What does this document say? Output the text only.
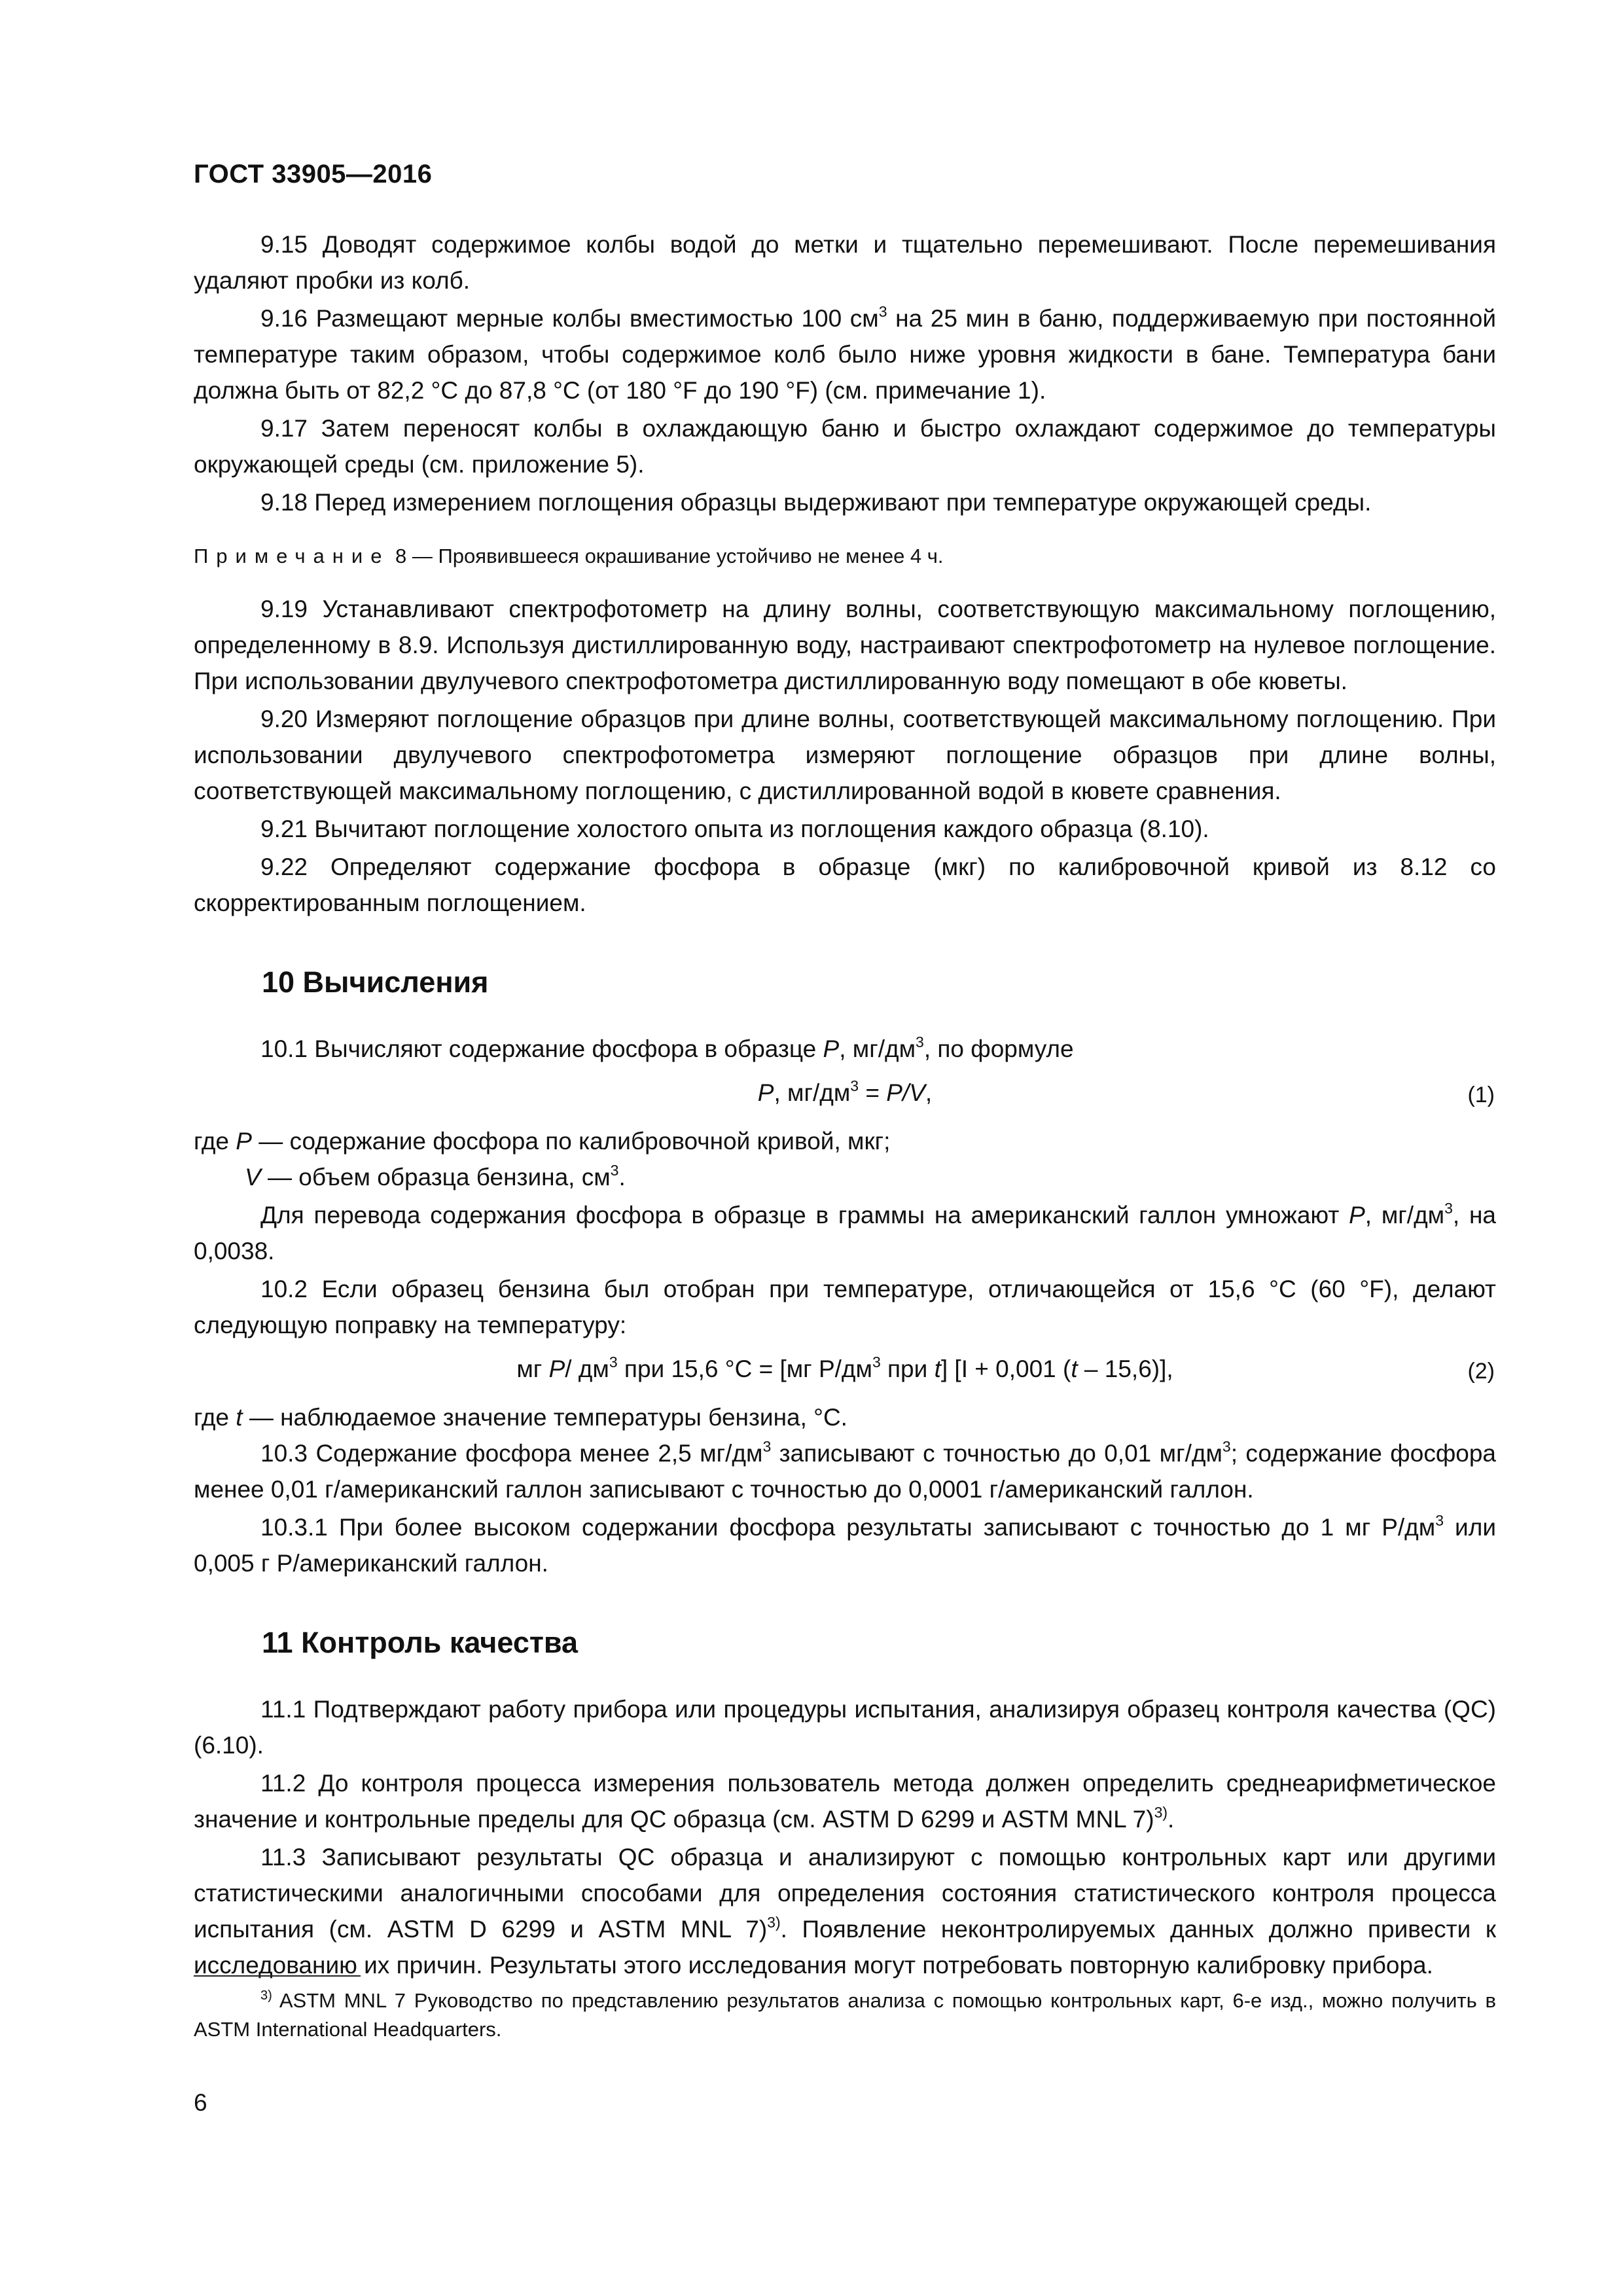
ГОСТ 33905—2016

9.15 Доводят содержимое колбы водой до метки и тщательно перемешивают. После перемешивания удаляют пробки из колб.

9.16 Размещают мерные колбы вместимостью 100 $см^3$ на 25 мин в баню, поддерживаемую при постоянной температуре таким образом, чтобы содержимое колб было ниже уровня жидкости в бане. Температура бани должна быть от 82,2 °С до 87,8 °С (от 180 °F до 190 °F) (см. примечание 1).

9.17 Затем переносят колбы в охлаждающую баню и быстро охлаждают содержимое до температуры окружающей среды (см. приложение 5).

9.18 Перед измерением поглощения образцы выдерживают при температуре окружающей среды.

Примечание 8 — Проявившееся окрашивание устойчиво не менее 4 ч.

9.19 Устанавливают спектрофотометр на длину волны, соответствующую максимальному поглощению, определенному в 8.9. Используя дистиллированную воду, настраивают спектрофотометр на нулевое поглощение. При использовании двулучевого спектрофотометра дистиллированную воду помещают в обе кюветы.

9.20 Измеряют поглощение образцов при длине волны, соответствующей максимальному поглощению. При использовании двулучевого спектрофотометра измеряют поглощение образцов при длине волны, соответствующей максимальному поглощению, с дистиллированной водой в кювете сравнения.

9.21 Вычитают поглощение холостого опыта из поглощения каждого образца (8.10).

9.22 Определяют содержание фосфора в образце (мкг) по калибровочной кривой из 8.12 со скорректированным поглощением.

10 Вычисления

10.1 Вычисляют содержание фосфора в образце P, $мг/дм^3$, по формуле

P, $мг/дм^3 = P/V$,	(1)

где P — содержание фосфора по калибровочной кривой, мкг;

V — объем образца бензина, $см^3$.

Для перевода содержания фосфора в образце в граммы на американский галлон умножают P, $мг/дм^3$, на 0,0038.

10.2 Если образец бензина был отобран при температуре, отличающейся от 15,6 °С (60 °F), делают следующую поправку на температуру:

мг P/ $дм^3$ при 15,6 °С = [мг $Р/дм^3$ при t] [I + 0,001 (t – 15,6)],	(2)

где t — наблюдаемое значение температуры бензина, °С.

10.3 Содержание фосфора менее 2,5 $мг/дм^3$ записывают с точностью до 0,01 $мг/дм^3$; содержание фосфора менее 0,01 г/американский галлон записывают с точностью до 0,0001 г/американский галлон.

10.3.1 При более высоком содержании фосфора результаты записывают с точностью до 1 мг $Р/дм^3$ или 0,005 г Р/американский галлон.

11 Контроль качества

11.1 Подтверждают работу прибора или процедуры испытания, анализируя образец контроля качества (QC) (6.10).

11.2 До контроля процесса измерения пользователь метода должен определить среднеарифметическое значение и контрольные пределы для QC образца (см. ASTM D 6299 и ASTM MNL 7)$^{3)}$.

11.3 Записывают результаты QC образца и анализируют с помощью контрольных карт или другими статистическими аналогичными способами для определения состояния статистического контроля процесса испытания (см. ASTM D 6299 и ASTM MNL 7)$^{3)}$. Появление неконтролируемых данных должно привести к исследованию их причин. Результаты этого исследования могут потребовать повторную калибровку прибора.

$^{3)}$ ASTM MNL 7 Руководство по представлению результатов анализа с помощью контрольных карт, 6-е изд., можно получить в ASTM International Headquarters.
6
